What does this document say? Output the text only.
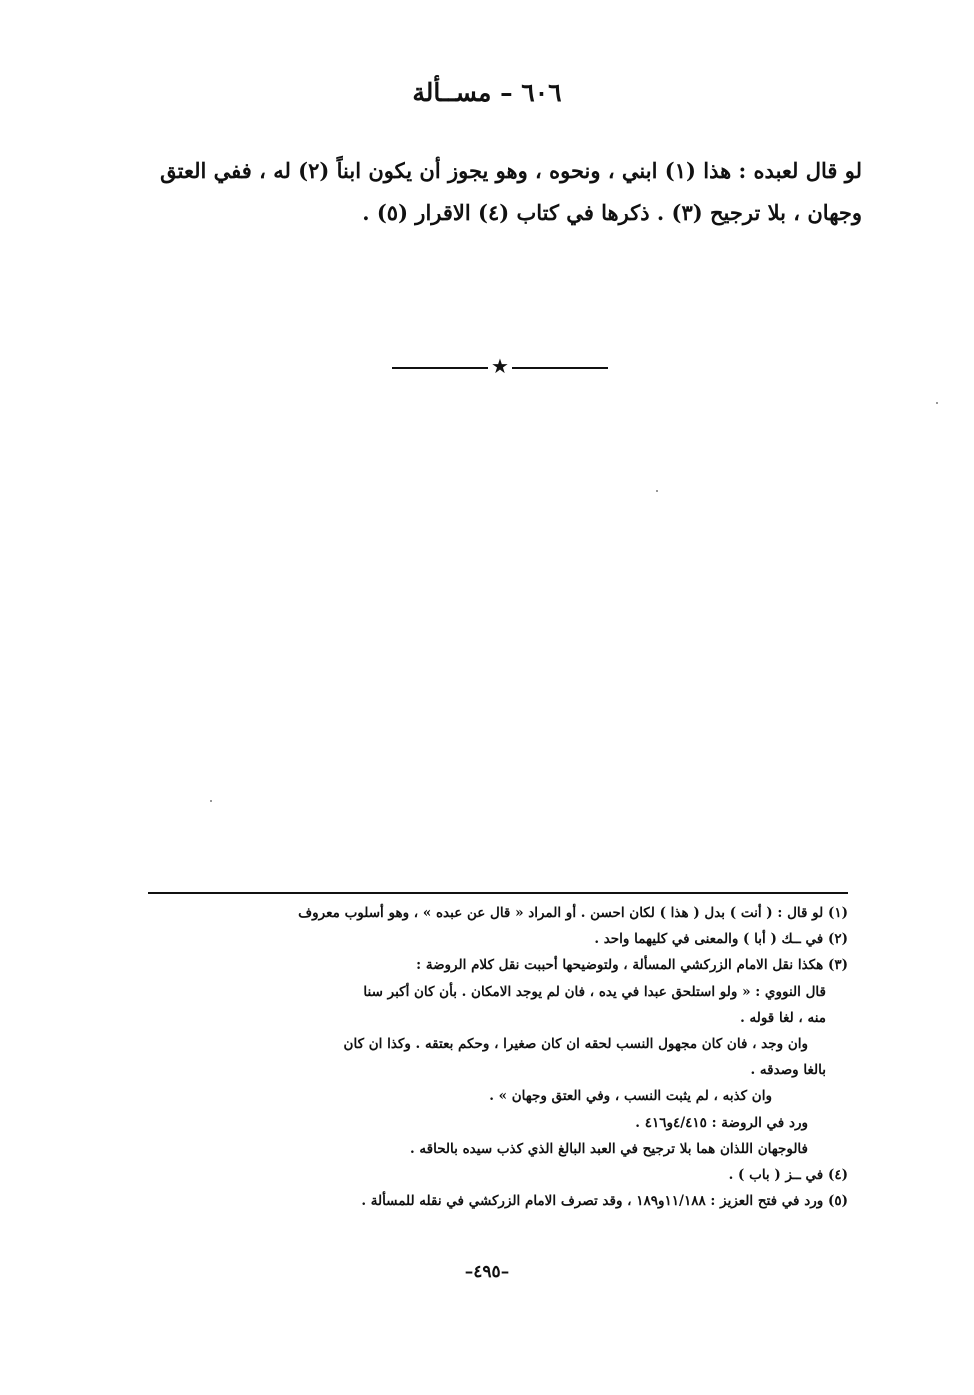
٦٠٦ – مســألة
لو قال لعبده : هذا (١) ابني ، ونحوه ، وهو يجوز أن يكون ابناً (٢) له ، ففي العتق وجهان ، بلا ترجيح (٣) . ذكرها في كتاب (٤) الاقرار (٥) .
★
(١) لو قال : ( أنت ) بدل ( هذا ) لكان احسن . أو المراد « قال عن عبده » ، وهو أسلوب معروف
(٢) في ــك ( أبا ) والمعنى في كليهما واحد .
(٣) هكذا نقل الامام الزركشي المسألة ، ولتوضيحها أحببت نقل كلام الروضة :
قال النووي : « ولو استلحق عبدا في يده ، فان لم يوجد الامكان . بأن كان أكبر سنا
منه ، لغا قوله .
وان وجد ، فان كان مجهول النسب لحقه ان كان صغيرا ، وحكم بعتقه . وكذا ان كان
بالغا وصدقه .
وان كذبه ، لم يثبت النسب ، وفي العتق وجهان » .
ورد في الروضة : ٤/٤١٥و٤١٦ .
فالوجهان اللذان هما بلا ترجيح في العبد البالغ الذي كذب سيده بالحاقه .
(٤) في ــز ( باب ) .
(٥) ورد في فتح العزيز : ١١/١٨٨و١٨٩ ، وقد تصرف الامام الزركشي في نقله للمسألة .
–٤٩٥–
